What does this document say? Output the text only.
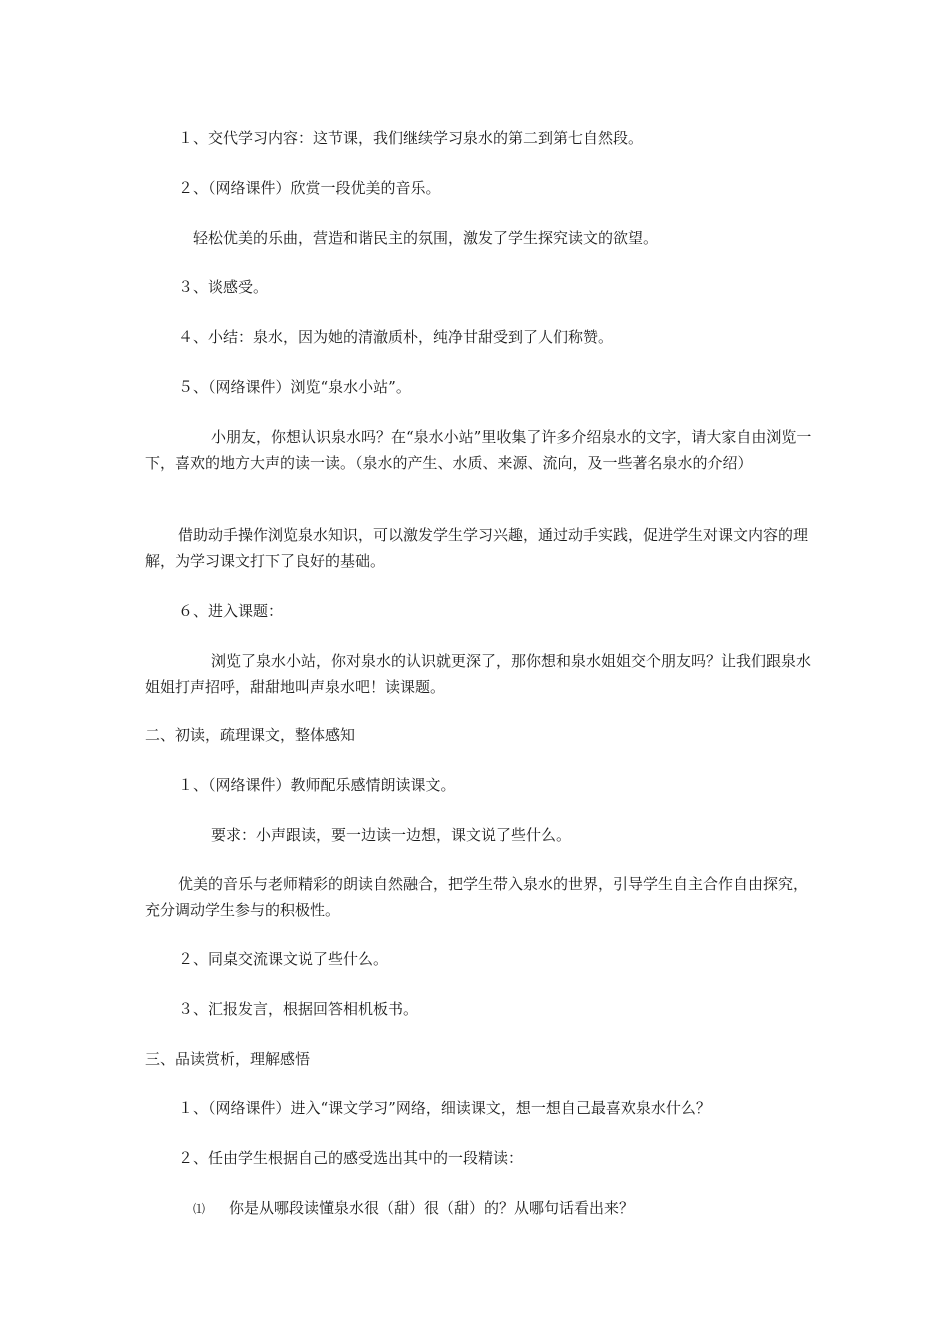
１、交代学习内容：这节课，我们继续学习泉水的第二到第七自然段。

２、（网络课件）欣赏一段优美的音乐。

轻松优美的乐曲，营造和谐民主的氛围，激发了学生探究读文的欲望。

３、谈感受。

４、小结：泉水，因为她的清澈质朴，纯净甘甜受到了人们称赞。

５、（网络课件）浏览“泉水小站”。

小朋友，你想认识泉水吗？在“泉水小站”里收集了许多介绍泉水的文字，请大家自由浏览一下，喜欢的地方大声的读一读。（泉水的产生、水质、来源、流向，及一些著名泉水的介绍）

借助动手操作浏览泉水知识，可以激发学生学习兴趣，通过动手实践，促进学生对课文内容的理解，为学习课文打下了良好的基础。

６、进入课题：

浏览了泉水小站，你对泉水的认识就更深了，那你想和泉水姐姐交个朋友吗？让我们跟泉水姐姐打声招呼，甜甜地叫声泉水吧！读课题。

二、初读，疏理课文，整体感知

１、（网络课件）教师配乐感情朗读课文。

要求：小声跟读，要一边读一边想，课文说了些什么。

优美的音乐与老师精彩的朗读自然融合，把学生带入泉水的世界，引导学生自主合作自由探究，充分调动学生参与的积极性。

２、同桌交流课文说了些什么。

３、汇报发言，根据回答相机板书。

三、品读赏析，理解感悟

１、（网络课件）进入“课文学习”网络，细读课文，想一想自己最喜欢泉水什么？

２、任由学生根据自己的感受选出其中的一段精读：

⑴ 你是从哪段读懂泉水很（甜）很（甜）的？从哪句话看出来？
